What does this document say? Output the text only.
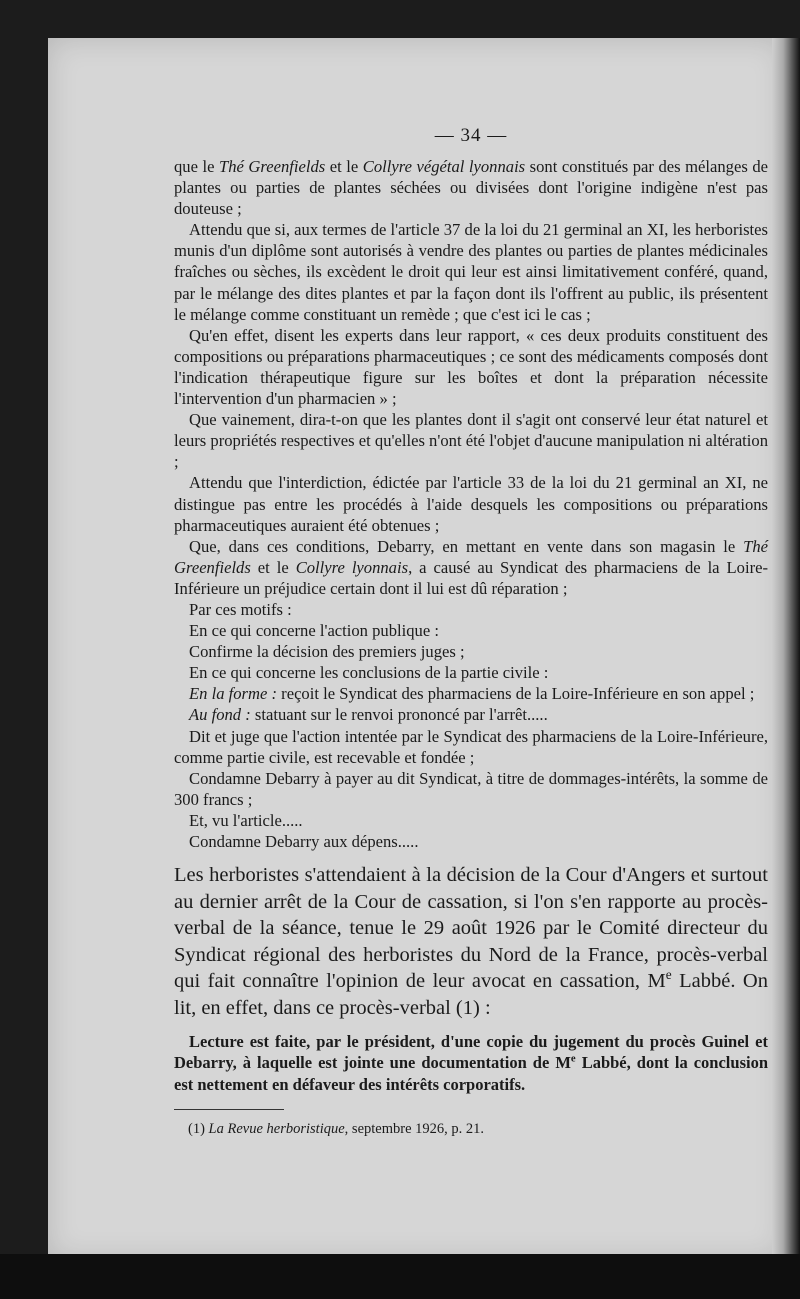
— 34 —

que le Thé Greenfields et le Collyre végétal lyonnais sont constitués par des mélanges de plantes ou parties de plantes séchées ou divisées dont l'origine indigène n'est pas douteuse ;

Attendu que si, aux termes de l'article 37 de la loi du 21 germinal an XI, les herboristes munis d'un diplôme sont autorisés à vendre des plantes ou parties de plantes médicinales fraîches ou sèches, ils excèdent le droit qui leur est ainsi limitativement conféré, quand, par le mélange des dites plantes et par la façon dont ils l'offrent au public, ils présentent le mélange comme constituant un remède ; que c'est ici le cas ;

Qu'en effet, disent les experts dans leur rapport, « ces deux produits constituent des compositions ou préparations pharmaceutiques ; ce sont des médicaments composés dont l'indication thérapeutique figure sur les boîtes et dont la préparation nécessite l'intervention d'un pharmacien » ;

Que vainement, dira-t-on que les plantes dont il s'agit ont conservé leur état naturel et leurs propriétés respectives et qu'elles n'ont été l'objet d'aucune manipulation ni altération ;

Attendu que l'interdiction, édictée par l'article 33 de la loi du 21 germinal an XI, ne distingue pas entre les procédés à l'aide desquels les compositions ou préparations pharmaceutiques auraient été obtenues ;

Que, dans ces conditions, Debarry, en mettant en vente dans son magasin le Thé Greenfields et le Collyre lyonnais, a causé au Syndicat des pharmaciens de la Loire-Inférieure un préjudice certain dont il lui est dû réparation ;

Par ces motifs :

En ce qui concerne l'action publique :

Confirme la décision des premiers juges ;

En ce qui concerne les conclusions de la partie civile :

En la forme : reçoit le Syndicat des pharmaciens de la Loire-Inférieure en son appel ;

Au fond : statuant sur le renvoi prononcé par l'arrêt.....

Dit et juge que l'action intentée par le Syndicat des pharmaciens de la Loire-Inférieure, comme partie civile, est recevable et fondée ;

Condamne Debarry à payer au dit Syndicat, à titre de dommages-intérêts, la somme de 300 francs ;

Et, vu l'article.....

Condamne Debarry aux dépens.....

Les herboristes s'attendaient à la décision de la Cour d'Angers et surtout au dernier arrêt de la Cour de cassation, si l'on s'en rapporte au procès-verbal de la séance, tenue le 29 août 1926 par le Comité directeur du Syndicat régional des herboristes du Nord de la France, procès-verbal qui fait connaître l'opinion de leur avocat en cassation, Me Labbé. On lit, en effet, dans ce procès-verbal (1) :

Lecture est faite, par le président, d'une copie du jugement du procès Guinel et Debarry, à laquelle est jointe une documentation de Me Labbé, dont la conclusion est nettement en défaveur des intérêts corporatifs.

(1) La Revue herboristique, septembre 1926, p. 21.
